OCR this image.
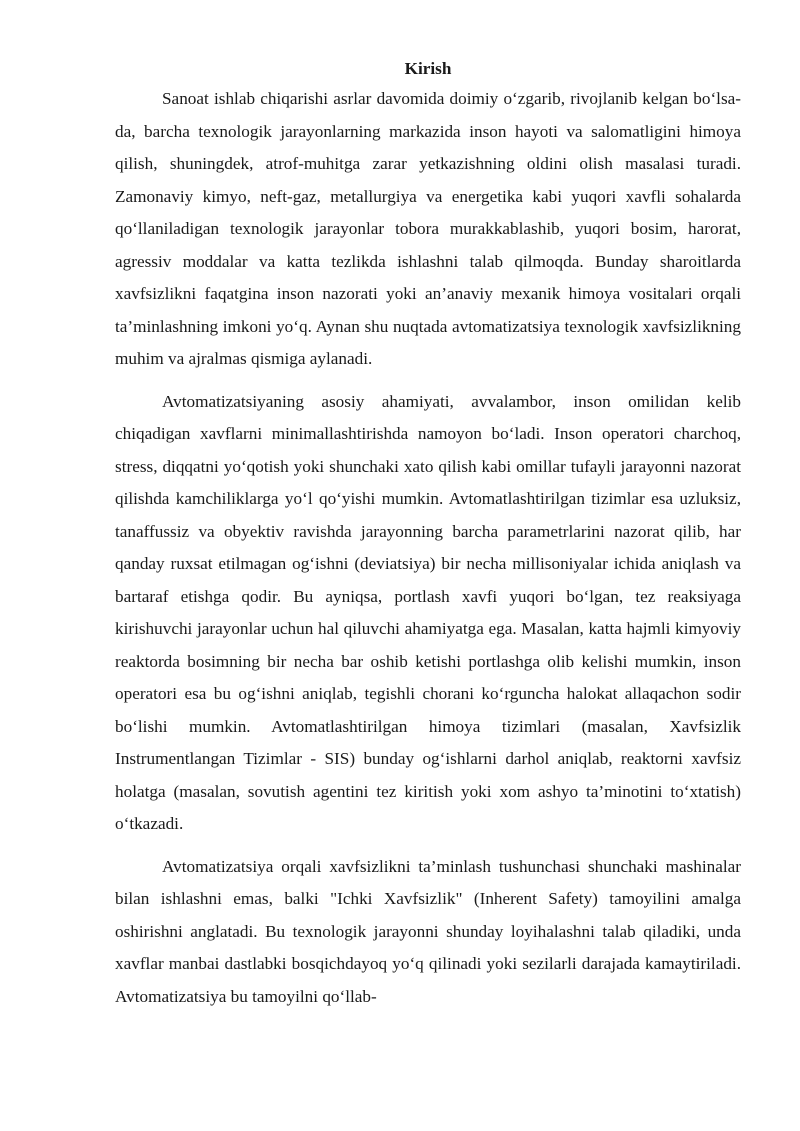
Kirish

Sanoat ishlab chiqarishi asrlar davomida doimiy o‘zgarib, rivojlanib kelgan bo‘lsa-da, barcha texnologik jarayonlarning markazida inson hayoti va salomatligini himoya qilish, shuningdek, atrof-muhitga zarar yetkazishning oldini olish masalasi turadi. Zamonaviy kimyo, neft-gaz, metallurgiya va energetika kabi yuqori xavfli sohalarda qo‘llaniladigan texnologik jarayonlar tobora murakkablashib, yuqori bosim, harorat, agressiv moddalar va katta tezlikda ishlashni talab qilmoqda. Bunday sharoitlarda xavfsizlikni faqatgina inson nazorati yoki an’anaviy mexanik himoya vositalari orqali ta’minlashning imkoni yo‘q. Aynan shu nuqtada avtomatizatsiya texnologik xavfsizlikning muhim va ajralmas qismiga aylanadi.

Avtomatizatsiyaning asosiy ahamiyati, avvalambor, inson omilidan kelib chiqadigan xavflarni minimallashtirishda namoyon bo‘ladi. Inson operatori charchoq, stress, diqqatni yo‘qotish yoki shunchaki xato qilish kabi omillar tufayli jarayonni nazorat qilishda kamchiliklarga yo‘l qo‘yishi mumkin. Avtomatlashtirilgan tizimlar esa uzluksiz, tanaffussiz va obyektiv ravishda jarayonning barcha parametrlarini nazorat qilib, har qanday ruxsat etilmagan og‘ishni (deviatsiya) bir necha millisoniyalar ichida aniqlash va bartaraf etishga qodir. Bu ayniqsa, portlash xavfi yuqori bo‘lgan, tez reaksiyaga kirishuvchi jarayonlar uchun hal qiluvchi ahamiyatga ega. Masalan, katta hajmli kimyoviy reaktorda bosimning bir necha bar oshib ketishi portlashga olib kelishi mumkin, inson operatori esa bu og‘ishni aniqlab, tegishli chorani ko‘rguncha halokat allaqachon sodir bo‘lishi mumkin. Avtomatlashtirilgan himoya tizimlari (masalan, Xavfsizlik Instrumentlangan Tizimlar - SIS) bunday og‘ishlarni darhol aniqlab, reaktorni xavfsiz holatga (masalan, sovutish agentini tez kiritish yoki xom ashyo ta’minotini to‘xtatish) o‘tkazadi.

Avtomatizatsiya orqali xavfsizlikni ta’minlash tushunchasi shunchaki mashinalar bilan ishlashni emas, balki "Ichki Xavfsizlik" (Inherent Safety) tamoyilini amalga oshirishni anglatadi. Bu texnologik jarayonni shunday loyihalashni talab qiladiki, unda xavflar manbai dastlabki bosqichdayoq yo‘q qilinadi yoki sezilarli darajada kamaytiriladi. Avtomatizatsiya bu tamoyilni qo‘llab-
